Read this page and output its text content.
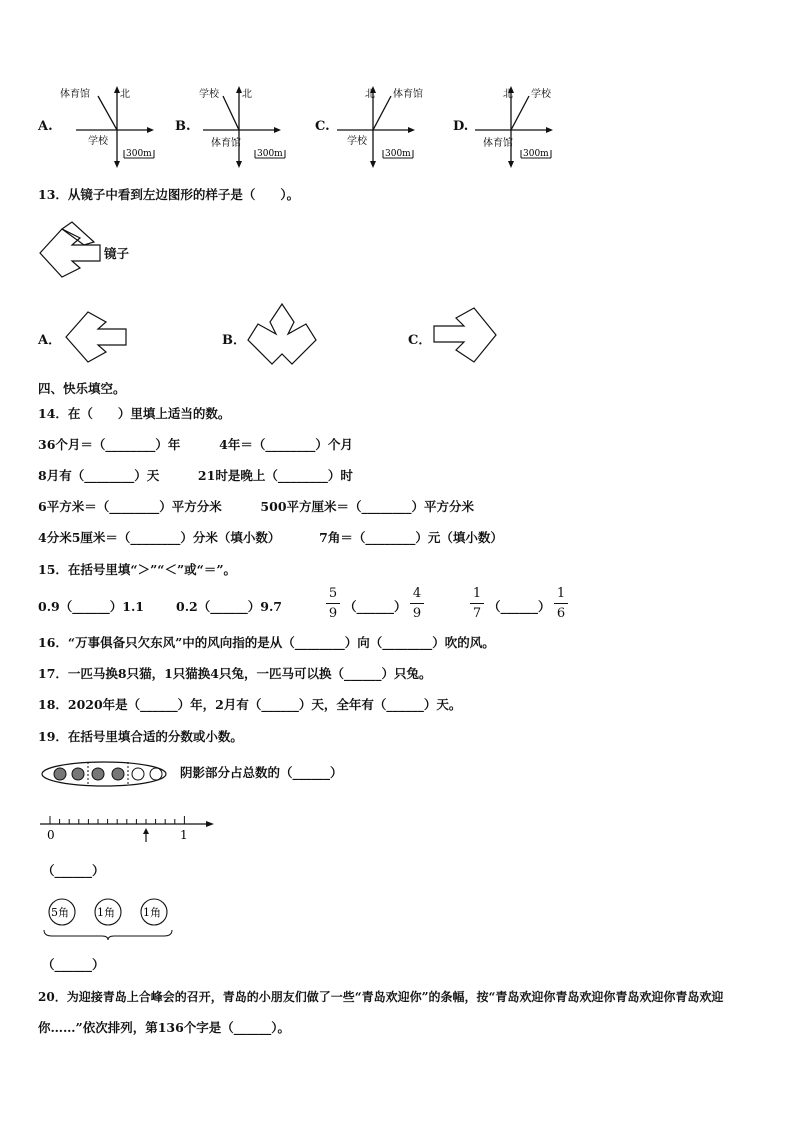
A.
北
体育馆
学校
300m
B.
北
学校
体育馆
300m
C.
北 体育馆
学校
300m
D.
北 学校
体育馆
300m
13．从镜子中看到左边图形的样子是（　　）。
镜子
A．	B．	C．
四、快乐填空。
14．在（　　）里填上适当的数。
36个月＝（________）年	4年＝（________）个月
8月有（________）天	21时是晚上（________）时
6平方米＝（________）平方分米	500平方厘米＝（________）平方分米
4分米5厘米＝（________）分米（填小数）	7角＝（________）元（填小数）
15．在括号里填“＞”“＜”或“＝”。
0.9（______）1.1	0.2（______）9.7
5
9 （______）
4
9
1
7 （______）
1
6
16．“万事俱备只欠东风”中的风向指的是从（________）向（________）吹的风。
17．一匹马换8只猫，1只猫换4只兔，一匹马可以换（______）只兔。
18．2020年是（______）年，2月有（______）天，全年有（______）天。
19．在括号里填合适的分数或小数。
阴影部分占总数的（______）
0	1
（______）
5角	1角	1角
（______）
20．为迎接青岛上合峰会的召开，青岛的小朋友们做了一些“青岛欢迎你”的条幅，按“青岛欢迎你青岛欢迎你青岛欢迎你青岛欢迎
你……”依次排列，第136个字是（______）。
